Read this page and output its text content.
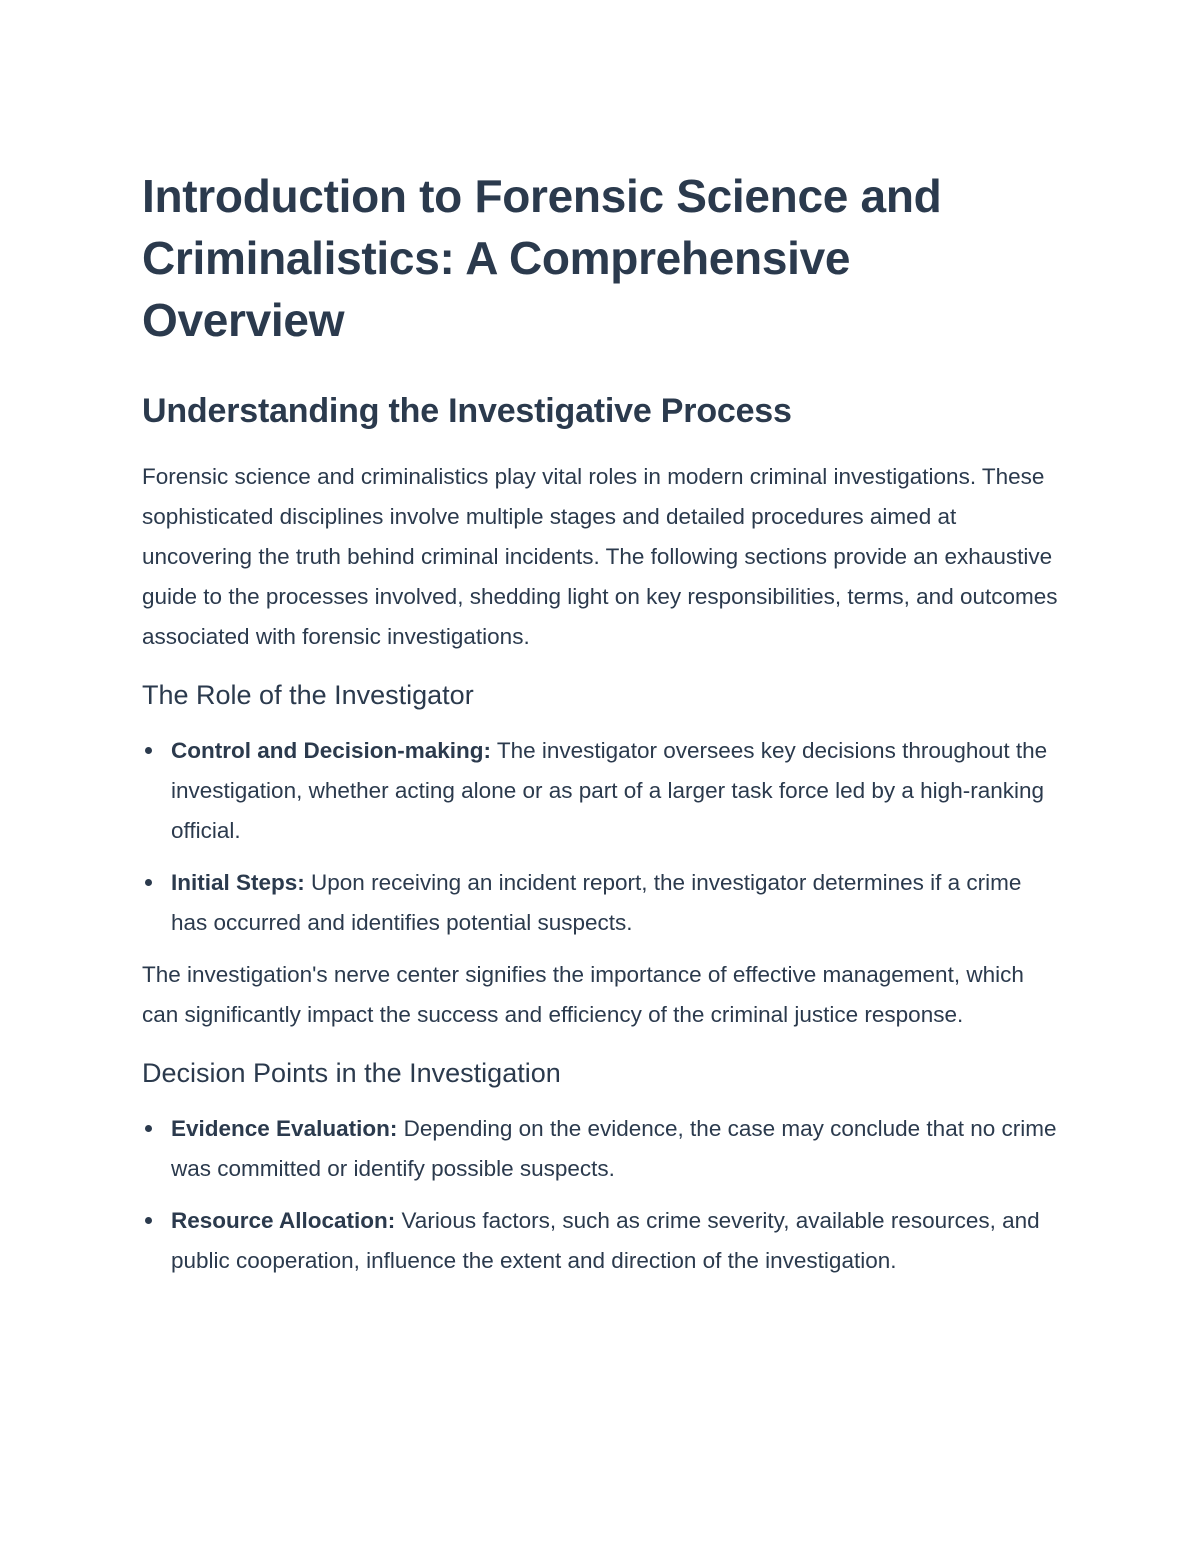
Introduction to Forensic Science and Criminalistics: A Comprehensive Overview
Understanding the Investigative Process

Forensic science and criminalistics play vital roles in modern criminal investigations. These sophisticated disciplines involve multiple stages and detailed procedures aimed at uncovering the truth behind criminal incidents. The following sections provide an exhaustive guide to the processes involved, shedding light on key responsibilities, terms, and outcomes associated with forensic investigations.

The Role of the Investigator
Control and Decision-making: The investigator oversees key decisions throughout the investigation, whether acting alone or as part of a larger task force led by a high-ranking official.
Initial Steps: Upon receiving an incident report, the investigator determines if a crime has occurred and identifies potential suspects.

The investigation's nerve center signifies the importance of effective management, which can significantly impact the success and efficiency of the criminal justice response.

Decision Points in the Investigation
Evidence Evaluation: Depending on the evidence, the case may conclude that no crime was committed or identify possible suspects.
Resource Allocation: Various factors, such as crime severity, available resources, and public cooperation, influence the extent and direction of the investigation.
